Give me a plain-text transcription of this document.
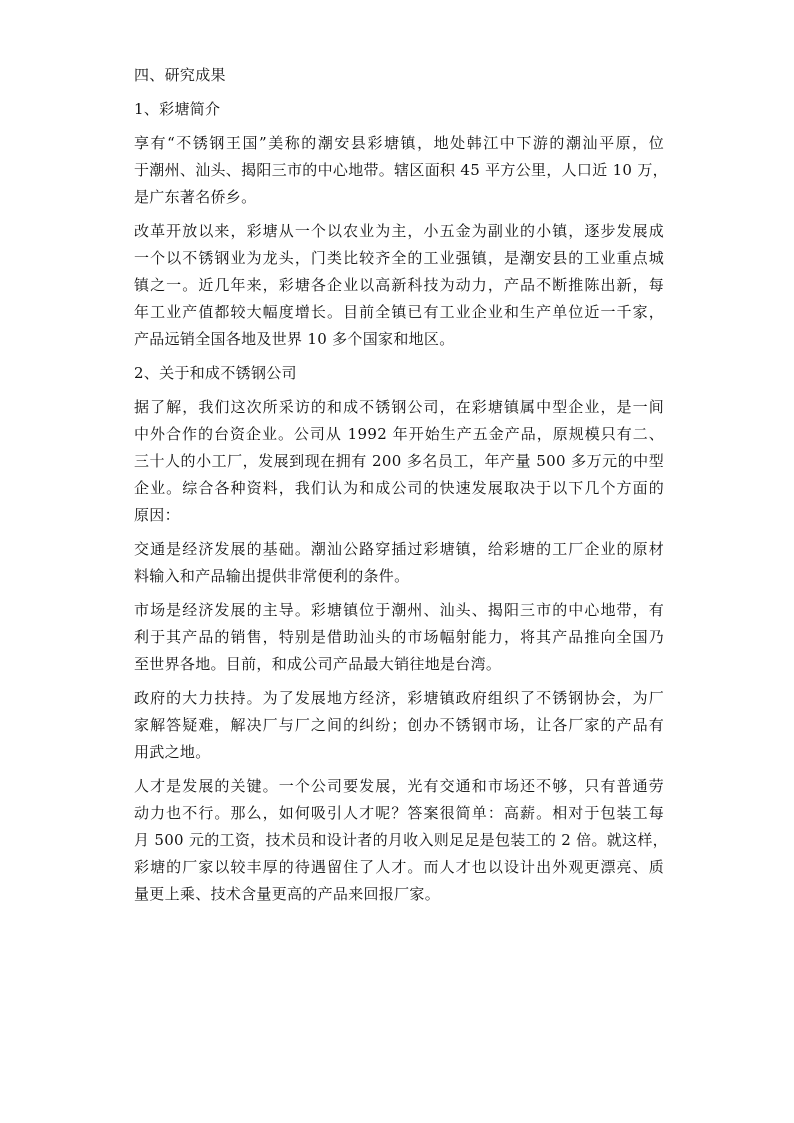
四、研究成果
1、彩塘简介
享有“不锈钢王国”美称的潮安县彩塘镇，地处韩江中下游的潮汕平原，位
于潮州、汕头、揭阳三市的中心地带。辖区面积 45 平方公里，人口近 10 万，
是广东著名侨乡。
改革开放以来，彩塘从一个以农业为主，小五金为副业的小镇，逐步发展成
一个以不锈钢业为龙头，门类比较齐全的工业强镇，是潮安县的工业重点城
镇之一。近几年来，彩塘各企业以高新科技为动力，产品不断推陈出新，每
年工业产值都较大幅度增长。目前全镇已有工业企业和生产单位近一千家，
产品远销全国各地及世界 10 多个国家和地区。
2、关于和成不锈钢公司
据了解，我们这次所采访的和成不锈钢公司，在彩塘镇属中型企业，是一间
中外合作的台资企业。公司从 1992 年开始生产五金产品，原规模只有二、
三十人的小工厂，发展到现在拥有 200 多名员工，年产量 500 多万元的中型
企业。综合各种资料，我们认为和成公司的快速发展取决于以下几个方面的
原因：
交通是经济发展的基础。潮汕公路穿插过彩塘镇，给彩塘的工厂企业的原材
料输入和产品输出提供非常便利的条件。
市场是经济发展的主导。彩塘镇位于潮州、汕头、揭阳三市的中心地带，有
利于其产品的销售，特别是借助汕头的市场幅射能力，将其产品推向全国乃
至世界各地。目前，和成公司产品最大销往地是台湾。
政府的大力扶持。为了发展地方经济，彩塘镇政府组织了不锈钢协会，为厂
家解答疑难，解决厂与厂之间的纠纷；创办不锈钢市场，让各厂家的产品有
用武之地。
人才是发展的关键。一个公司要发展，光有交通和市场还不够，只有普通劳
动力也不行。那么，如何吸引人才呢？答案很简单：高薪。相对于包装工每
月 500 元的工资，技术员和设计者的月收入则足足是包装工的 2 倍。就这样，
彩塘的厂家以较丰厚的待遇留住了人才。而人才也以设计出外观更漂亮、质
量更上乘、技术含量更高的产品来回报厂家。
